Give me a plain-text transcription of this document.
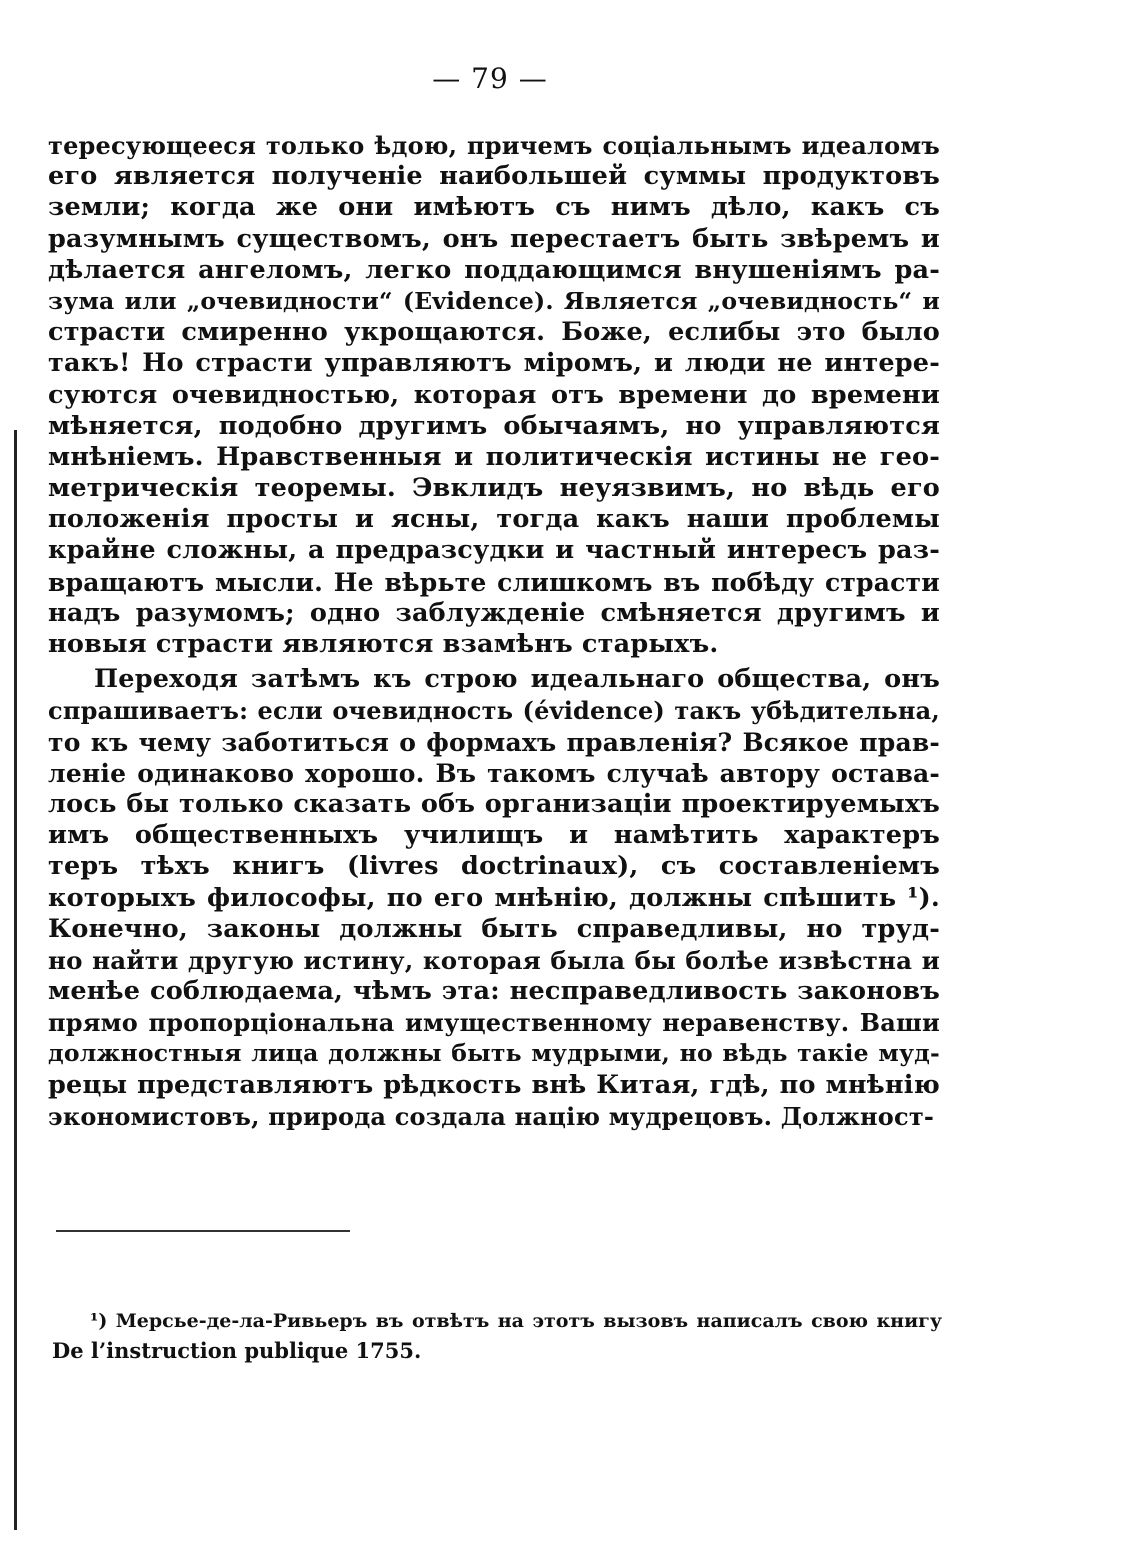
— 79 —
тересующееся только ѣдою, причемъ соціальнымъ идеаломъ
его является полученіе наибольшей суммы продуктовъ
земли; когда же они имѣютъ съ нимъ дѣло, какъ съ
разумнымъ существомъ, онъ перестаетъ быть звѣремъ и
дѣлается ангеломъ, легко поддающимся внушеніямъ ра-
зума или „очевидности“ (Evidence). Является „очевидность“ и
страсти смиренно укрощаются. Боже, еслибы это было
такъ! Но страсти управляютъ міромъ, и люди не интере-
суются очевидностью, которая отъ времени до времени
мѣняется, подобно другимъ обычаямъ, но управляются
мнѣніемъ. Нравственныя и политическія истины не гео-
метрическія теоремы. Эвклидъ неуязвимъ, но вѣдь его
положенія просты и ясны, тогда какъ наши проблемы
крайне сложны, а предразсудки и частный интересъ раз-
вращаютъ мысли. Не вѣрьте слишкомъ въ побѣду страсти
надъ разумомъ; одно заблужденіе смѣняется другимъ и
новыя страсти являются взамѣнъ старыхъ.
Переходя затѣмъ къ строю идеальнаго общества, онъ
спрашиваетъ: если очевидность (évidence) такъ убѣдительна,
то къ чему заботиться о формахъ правленія? Всякое прав-
леніе одинаково хорошо. Въ такомъ случаѣ автору остава-
лось бы только сказать объ организаціи проектируемыхъ
имъ общественныхъ училищъ и намѣтить характеръ
теръ тѣхъ книгъ (livres doctrinaux), съ составленіемъ
которыхъ философы, по его мнѣнію, должны спѣшить ¹).
Конечно, законы должны быть справедливы, но труд-
но найти другую истину, которая была бы болѣе извѣстна и
менѣе соблюдаема, чѣмъ эта: несправедливость законовъ
прямо пропорціональна имущественному неравенству. Ваши
должностныя лица должны быть мудрыми, но вѣдь такіе муд-
рецы представляютъ рѣдкость внѣ Китая, гдѣ, по мнѣнію
экономистовъ, природа создала націю мудрецовъ. Должност-
¹) Мерсье-де-ла-Ривьеръ въ отвѣтъ на этотъ вызовъ написалъ свою книгу
De l’instruction publique 1755.
